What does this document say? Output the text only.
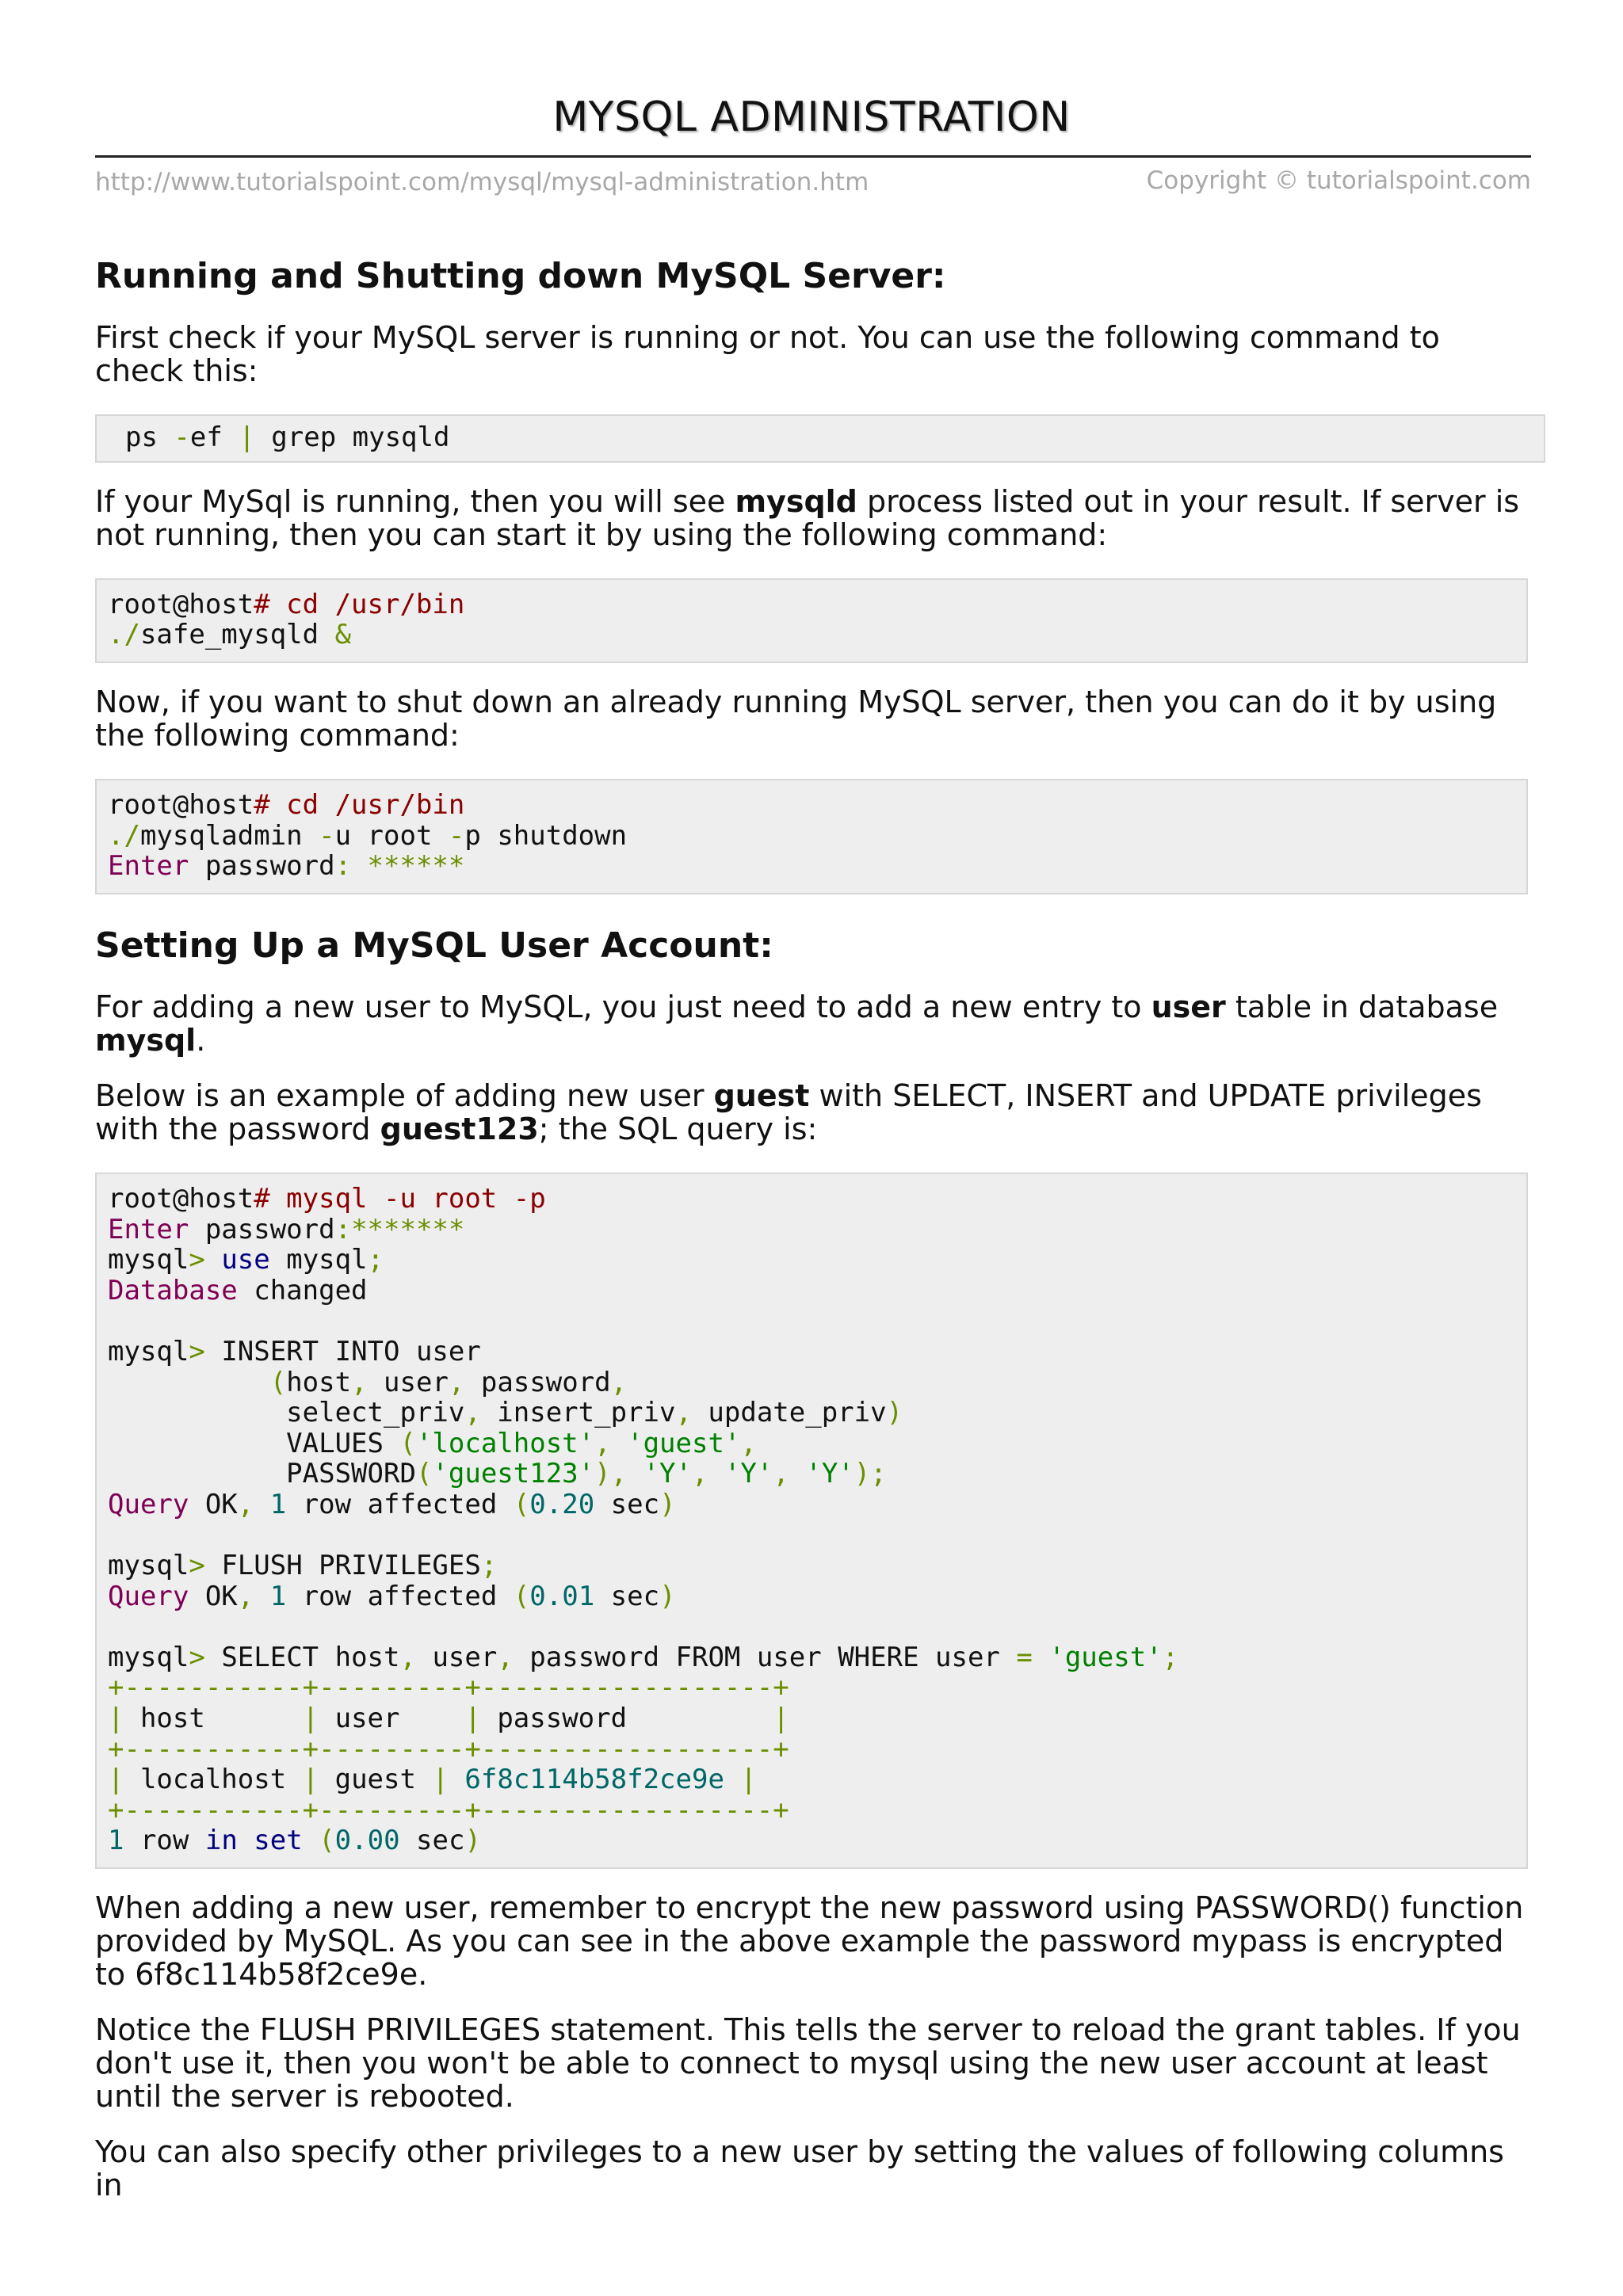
MYSQL ADMINISTRATION
http://www.tutorialspoint.com/mysql/mysql-administration.htm	Copyright © tutorialspoint.com
Running and Shutting down MySQL Server:

First check if your MySQL server is running or not. You can use the following command to check this:

ps -ef | grep mysqld

If your MySql is running, then you will see mysqld process listed out in your result. If server is not running, then you can start it by using the following command:

root@host# cd /usr/bin
./safe_mysqld &

Now, if you want to shut down an already running MySQL server, then you can do it by using the following command:

root@host# cd /usr/bin
./mysqladmin -u root -p shutdown
Enter password: ******
Setting Up a MySQL User Account:

For adding a new user to MySQL, you just need to add a new entry to user table in database mysql.

Below is an example of adding new user guest with SELECT, INSERT and UPDATE privileges with the password guest123; the SQL query is:

root@host# mysql -u root -p
Enter password:*******
mysql> use mysql;
Database changed
mysql> INSERT INTO user
(host, user, password,
select_priv, insert_priv, update_priv)
VALUES ('localhost', 'guest',
PASSWORD('guest123'), 'Y', 'Y', 'Y');
Query OK, 1 row affected (0.20 sec)
mysql> FLUSH PRIVILEGES;
Query OK, 1 row affected (0.01 sec)
mysql> SELECT host, user, password FROM user WHERE user = 'guest';
+-----------+---------+------------------+
| host      | user    | password         |
+-----------+---------+------------------+
| localhost | guest | 6f8c114b58f2ce9e |
+-----------+---------+------------------+
1 row in set (0.00 sec)

When adding a new user, remember to encrypt the new password using PASSWORD() function provided by MySQL. As you can see in the above example the password mypass is encrypted to 6f8c114b58f2ce9e.

Notice the FLUSH PRIVILEGES statement. This tells the server to reload the grant tables. If you don't use it, then you won't be able to connect to mysql using the new user account at least until the server is rebooted.

You can also specify other privileges to a new user by setting the values of following columns in
